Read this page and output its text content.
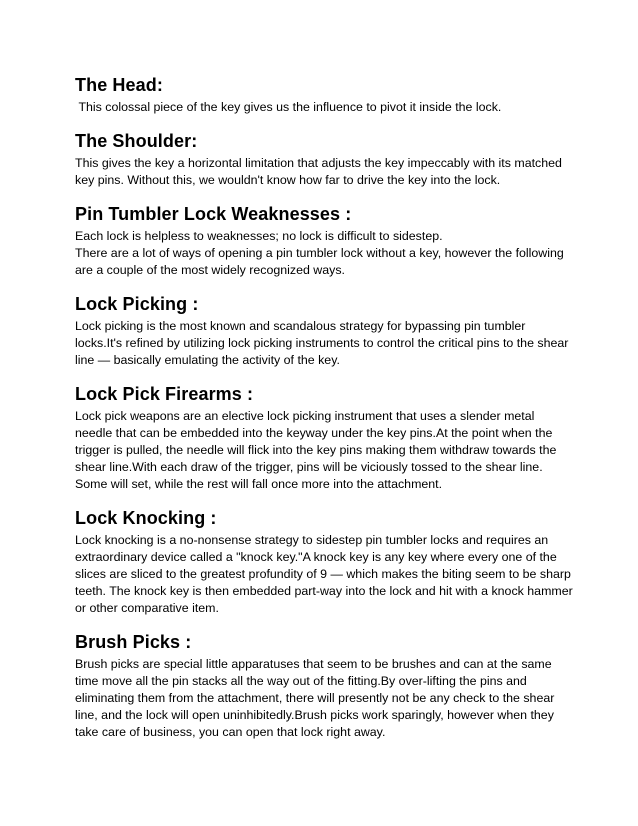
The Head:

This colossal piece of the key gives us the influence to pivot it inside the lock.

The Shoulder:

This gives the key a horizontal limitation that adjusts the key impeccably with its matched key pins. Without this, we wouldn't know how far to drive the key into the lock.

Pin Tumbler Lock Weaknesses :

Each lock is helpless to weaknesses; no lock is difficult to sidestep.

There are a lot of ways of opening a pin tumbler lock without a key, however the following are a couple of the most widely recognized ways.

Lock Picking :

Lock picking is the most known and scandalous strategy for bypassing pin tumbler locks.It's refined by utilizing lock picking instruments to control the critical pins to the shear line — basically emulating the activity of the key.

Lock Pick Firearms :

Lock pick weapons are an elective lock picking instrument that uses a slender metal needle that can be embedded into the keyway under the key pins.At the point when the trigger is pulled, the needle will flick into the key pins making them withdraw towards the shear line.With each draw of the trigger, pins will be viciously tossed to the shear line. Some will set, while the rest will fall once more into the attachment.

Lock Knocking :

Lock knocking is a no-nonsense strategy to sidestep pin tumbler locks and requires an extraordinary device called a "knock key."A knock key is any key where every one of the slices are sliced to the greatest profundity of 9 — which makes the biting seem to be sharp teeth. The knock key is then embedded part-way into the lock and hit with a knock hammer or other comparative item.

Brush Picks :

Brush picks are special little apparatuses that seem to be brushes and can at the same time move all the pin stacks all the way out of the fitting.By over-lifting the pins and eliminating them from the attachment, there will presently not be any check to the shear line, and the lock will open uninhibitedly.Brush picks work sparingly, however when they take care of business, you can open that lock right away.
